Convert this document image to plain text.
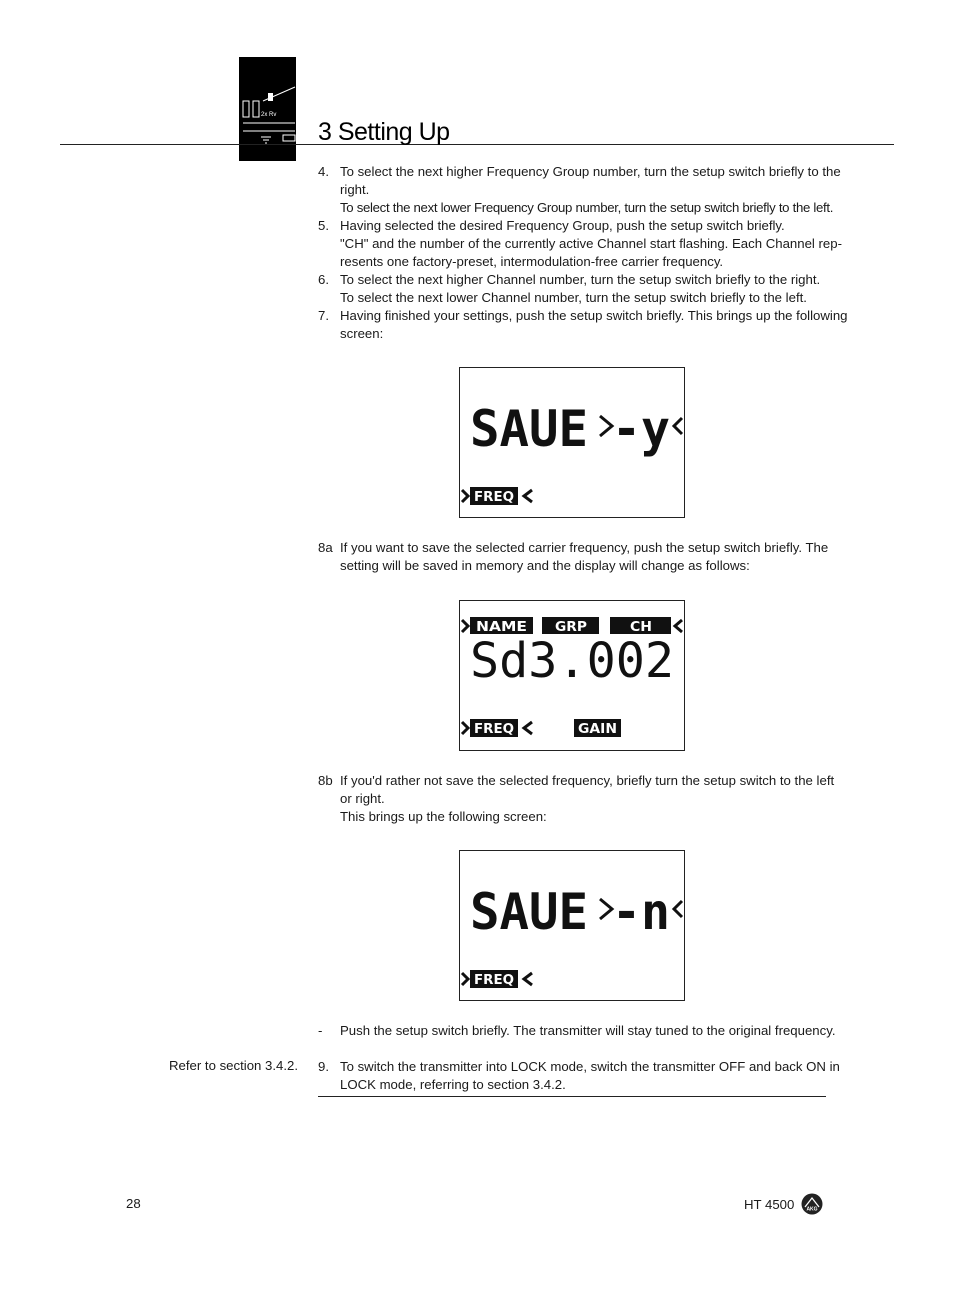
2x Rv
3 Setting Up
4. To select the next higher Frequency Group number, turn the setup switch briefly to the
right.
To select the next lower Frequency Group number, turn the setup switch briefly to the left.
5. Having selected the desired Frequency Group, push the setup switch briefly.
"CH" and the number of the currently active Channel start flashing. Each Channel rep-
resents one factory-preset, intermodulation-free carrier frequency.
6. To select the next higher Channel number, turn the setup switch briefly to the right.
To select the next lower Channel number, turn the setup switch briefly to the left.
7. Having finished your settings, push the setup switch briefly. This brings up the following
screen:
SAUE -y
FREQ
8a If you want to save the selected carrier frequency, push the setup switch briefly. The
setting will be saved in memory and the display will change as follows:
NAME GRP	CH
Sd3.002
FREQ	GAIN
8b If you'd rather not save the selected frequency, briefly turn the setup switch to the left
or right.
This brings up the following screen:
SAUE -n
FREQ
- Push the setup switch briefly. The transmitter will stay tuned to the original frequency.
Refer to section 3.4.2. 9. To switch the transmitter into LOCK mode, switch the transmitter OFF and back ON in
LOCK mode, referring to section 3.4.2.
28	HT 4500 AKG
